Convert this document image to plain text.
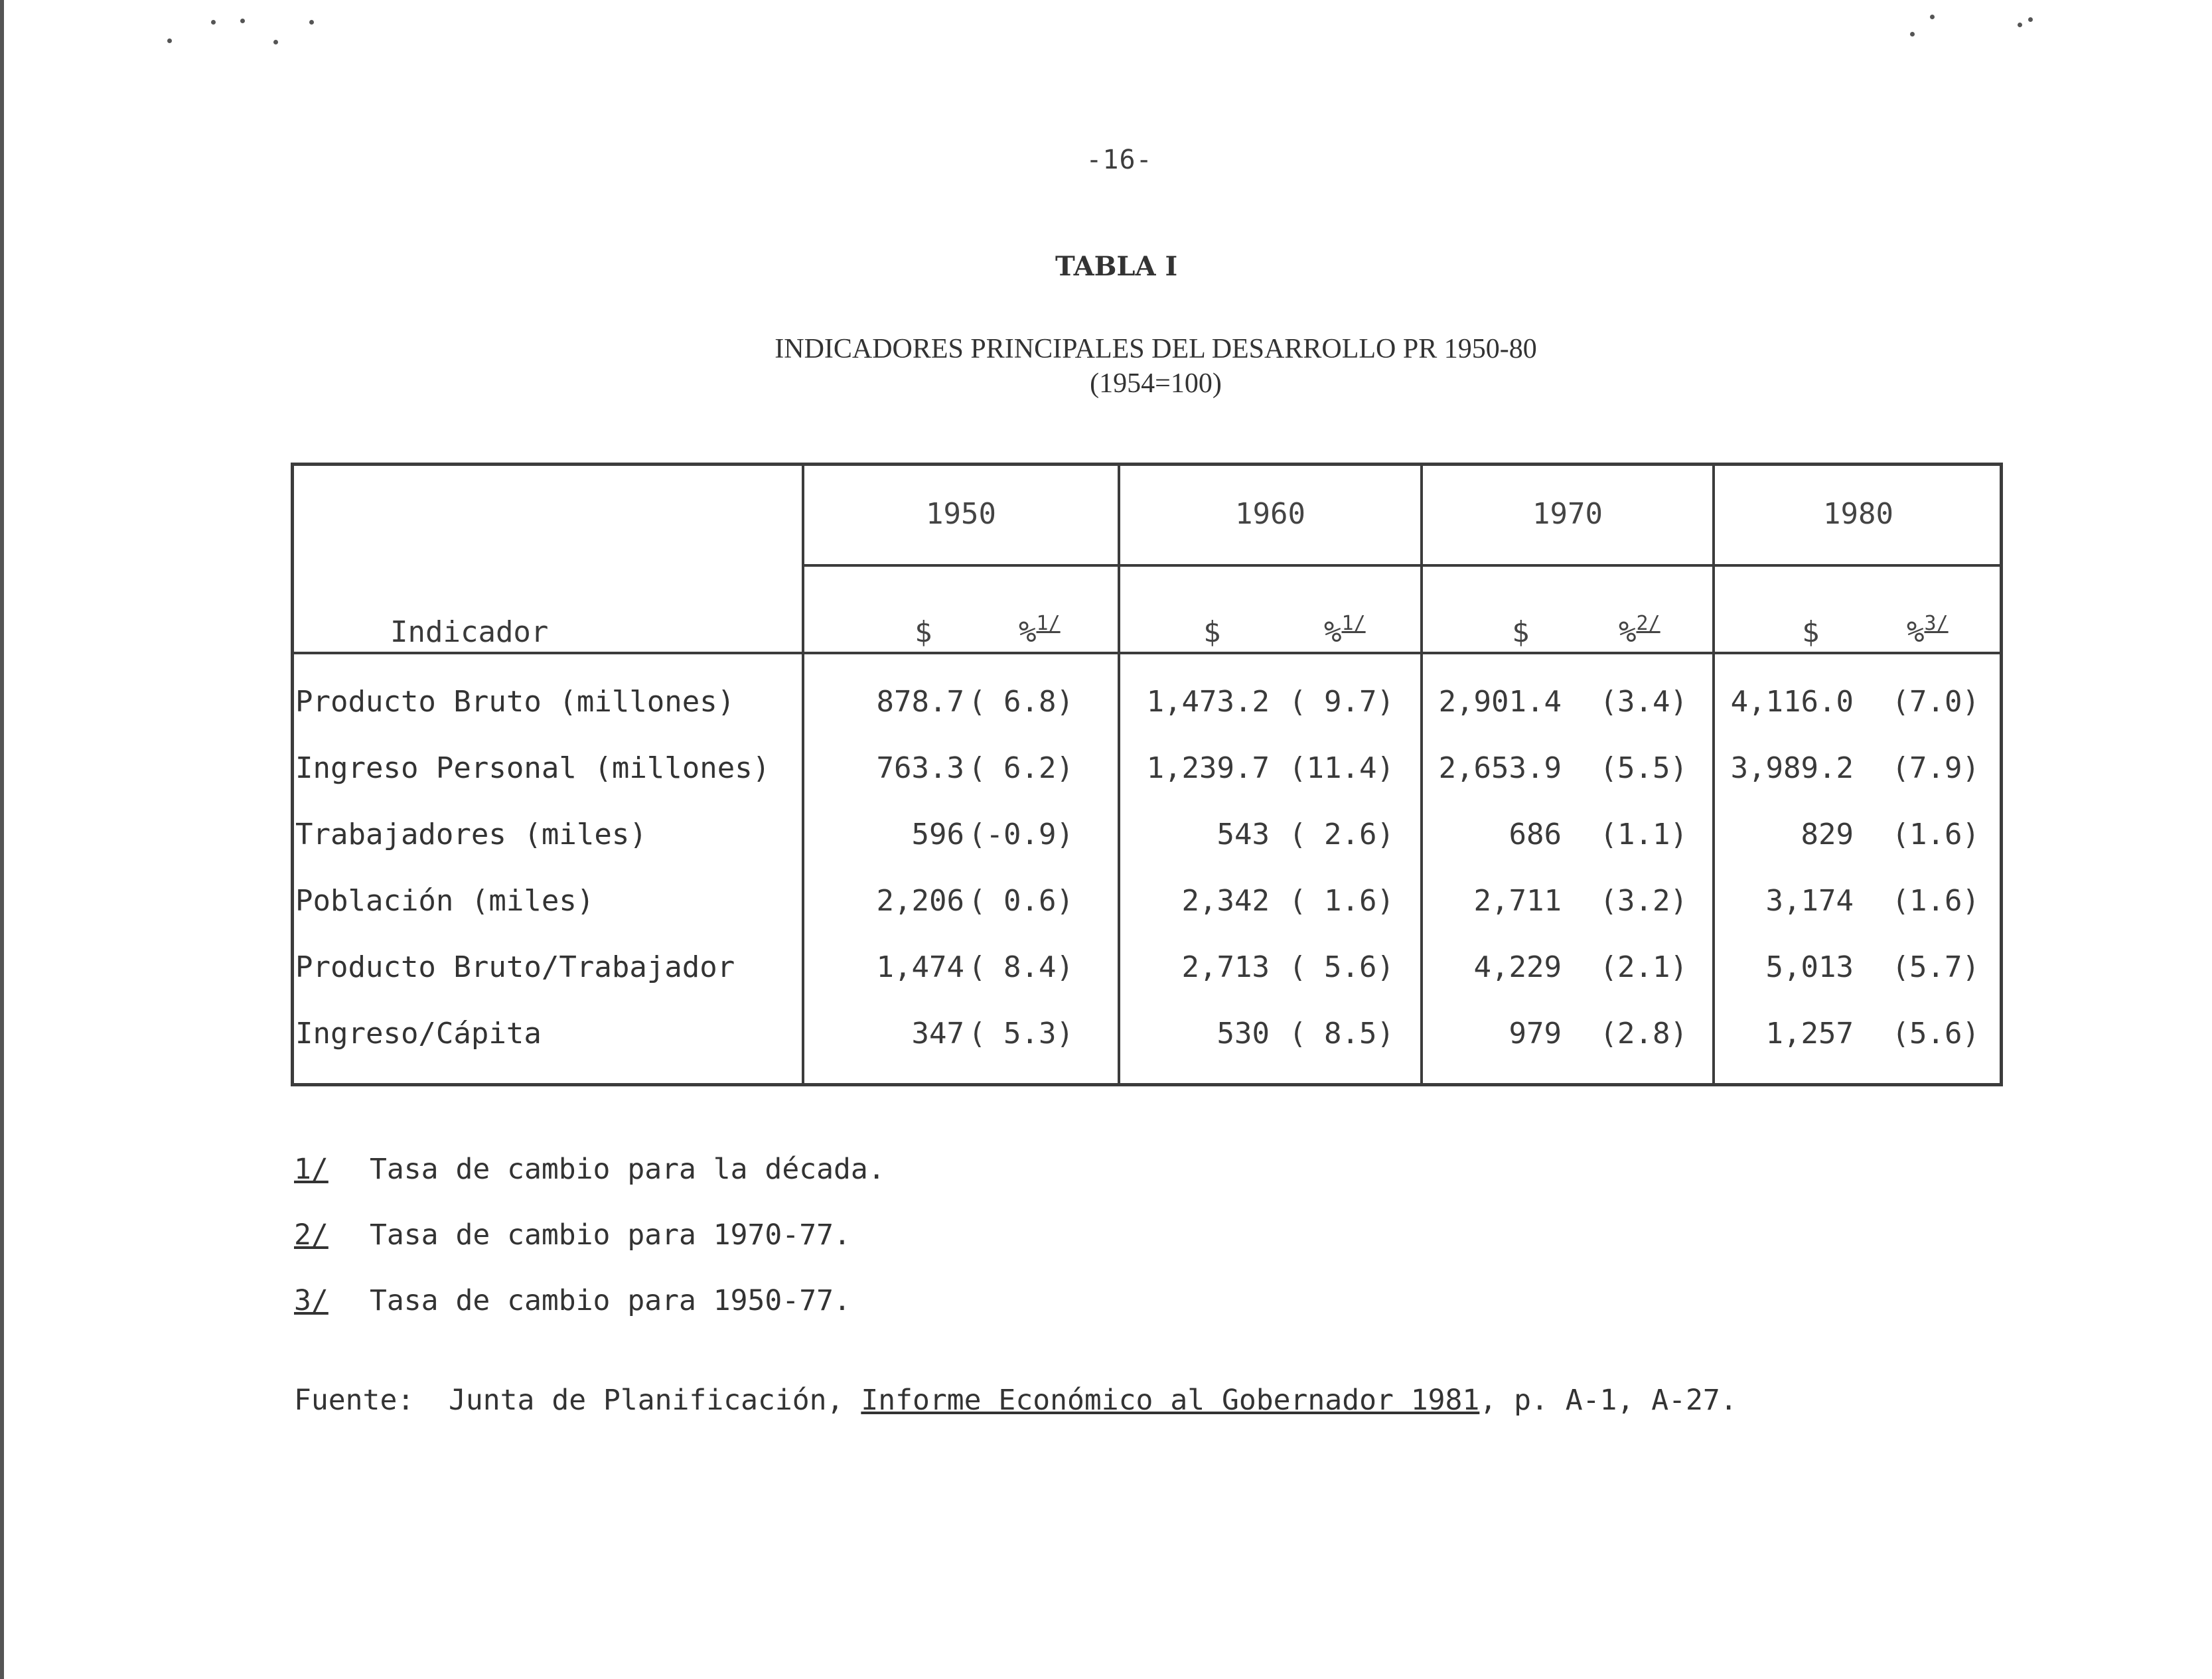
-16-
TABLA I
INDICADORES PRINCIPALES DEL DESARROLLO PR 1950-80
(1954=100)
1950	1960	1970	1980
Indicador	$	%$^{1/}$	$	%$^{1/}$	$	%$^{2/}$	$	%$^{3/}$
Producto Bruto (millones)	878.7 ( 6.8)	1,473.2 ( 9.7)	2,901.4	(3.4)	4,116.0	(7.0)
Ingreso Personal (millones)	763.3 ( 6.2)	1,239.7 (11.4)	2,653.9	(5.5)	3,989.2	(7.9)
Trabajadores (miles)	596 (-0.9)	543 ( 2.6)	686	(1.1)	829	(1.6)
Población (miles)	2,206 ( 0.6)	2,342 ( 1.6)	2,711	(3.2)	3,174	(1.6)
Producto Bruto/Trabajador	1,474 ( 8.4)	2,713 ( 5.6)	4,229	(2.1)	5,013	(5.7)
Ingreso/Cápita	347 ( 5.3)	530 ( 8.5)	979	(2.8)	1,257	(5.6)
1/ Tasa de cambio para la década.
2/ Tasa de cambio para 1970-77.
3/ Tasa de cambio para 1950-77.
Fuente: Junta de Planificación, Informe Económico al Gobernador 1981, p. A-1, A-27.
